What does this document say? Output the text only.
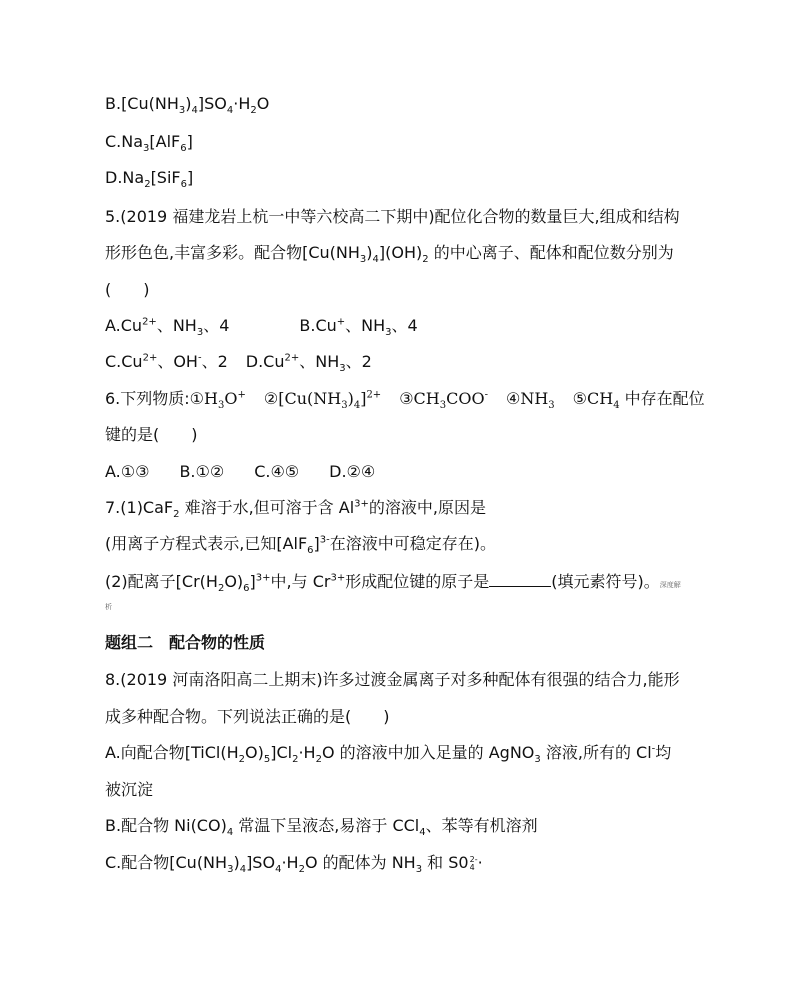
$B.[Cu(NH_3)_4]SO_4\cdot H_2O$
$C.Na_3[AlF_6]$
$D.Na_2[SiF_6]$
5.(2019 福建龙岩上杭一中等六校高二下期中)配位化合物的数量巨大,组成和结构
形形色色,丰富多彩。配合物$[Cu(NH_3)_4](OH)_2$ 的中心离子、配体和配位数分别为
(　　)
$A.Cu^{2+}$、$NH_3$、4	B.Cu+、$NH_3$、4
$C.Cu^{2+}$、OH-、2 $D.Cu^{2+}$、$NH_3$、2
6.下列物质$:①H_3O^+$ $②[Cu(NH_3)_4]^{2+}$ $③CH_3COO^-$ $④NH_3$ $⑤CH_4$ 中存在配位
键的是(　　)
A.①③ B.①② C.④⑤ D.②④
7.(1)CaF$_2$ 难溶于水,但可溶于含 $Al^{3+}$的溶液中,原因是
(用离子方程式表示,已知$[AlF_6]^{3-}$在溶液中可稳定存在)。
(2)配离子$[Cr(H_2O)_6]^{3+}$中,与 $Cr^{3+}$形成配位键的原子是	(填元素符号)。深度解
析
题组二　配合物的性质
8.(2019 河南洛阳高二上期末)许多过渡金属离子对多种配体有很强的结合力,能形
成多种配合物。下列说法正确的是(　　)
A.向配合物$[TiCl(H_2O)_5]Cl_2\cdot H_2O$ 的溶液中加入足量的 AgNO$_3$ 溶液,所有的 Cl-均
被沉淀
B.配合物 $Ni(CO)_4$ 常温下呈液态,易溶于 CCl$_4$、苯等有机溶剂
C.配合物$[Cu(NH_3)_4]SO_4\cdot H_2O$ 的配体为 $NH_3$ 和 S0 2-
4 ·
